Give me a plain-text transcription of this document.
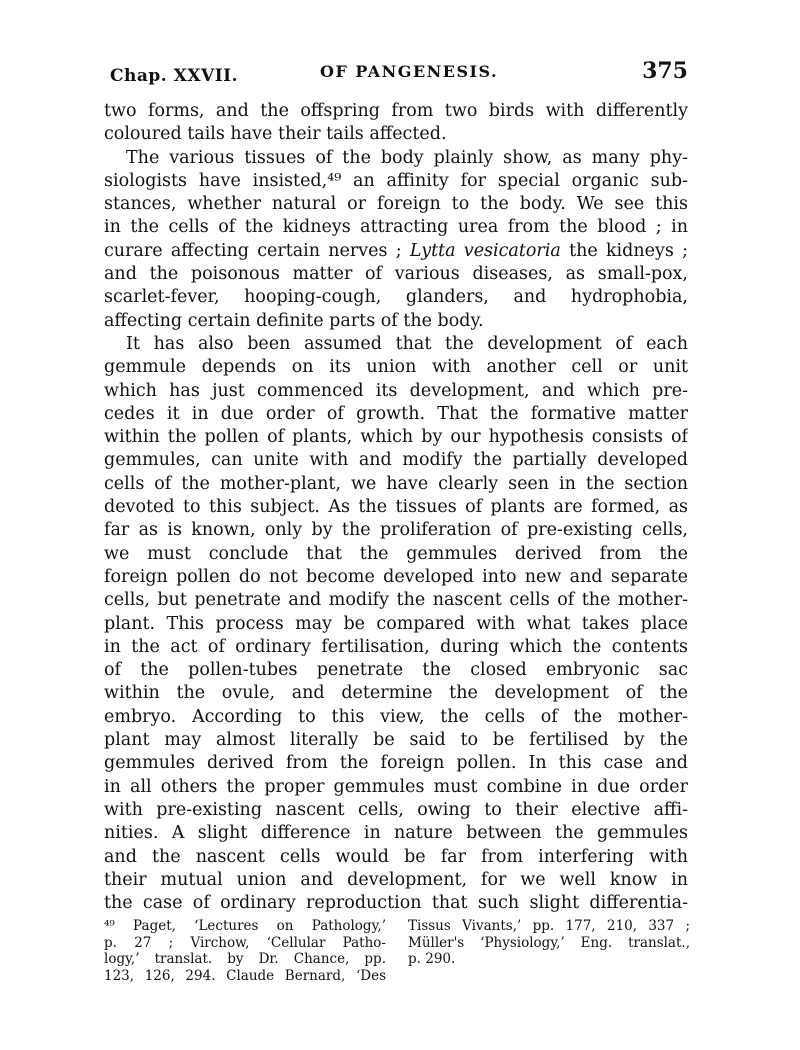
Chap. XXVII.	OF PANGENESIS.	375
two forms, and the offspring from two birds with differently
coloured tails have their tails affected.
The various tissues of the body plainly show, as many phy-
siologists have insisted,⁴⁹ an affinity for special organic sub-
stances, whether natural or foreign to the body. We see this
in the cells of the kidneys attracting urea from the blood ; in
curare affecting certain nerves ; Lytta vesicatoria the kidneys ;
and the poisonous matter of various diseases, as small-pox,
scarlet-fever, hooping-cough, glanders, and hydrophobia,
affecting certain definite parts of the body.
It has also been assumed that the development of each
gemmule depends on its union with another cell or unit
which has just commenced its development, and which pre-
cedes it in due order of growth. That the formative matter
within the pollen of plants, which by our hypothesis consists of
gemmules, can unite with and modify the partially developed
cells of the mother-plant, we have clearly seen in the section
devoted to this subject. As the tissues of plants are formed, as
far as is known, only by the proliferation of pre-existing cells,
we must conclude that the gemmules derived from the
foreign pollen do not become developed into new and separate
cells, but penetrate and modify the nascent cells of the mother-
plant. This process may be compared with what takes place
in the act of ordinary fertilisation, during which the contents
of the pollen-tubes penetrate the closed embryonic sac
within the ovule, and determine the development of the
embryo. According to this view, the cells of the mother-
plant may almost literally be said to be fertilised by the
gemmules derived from the foreign pollen. In this case and
in all others the proper gemmules must combine in due order
with pre-existing nascent cells, owing to their elective affi-
nities. A slight difference in nature between the gemmules
and the nascent cells would be far from interfering with
their mutual union and development, for we well know in
the case of ordinary reproduction that such slight differentia-
⁴⁹ Paget, ‘Lectures on Pathology,’
p. 27 ; Virchow, ‘Cellular Patho-
logy,’ translat. by Dr. Chance, pp.
123, 126, 294. Claude Bernard, ‘Des
Tissus Vivants,’ pp. 177, 210, 337 ;
Müller's ‘Physiology,’ Eng. translat.,
p. 290.
